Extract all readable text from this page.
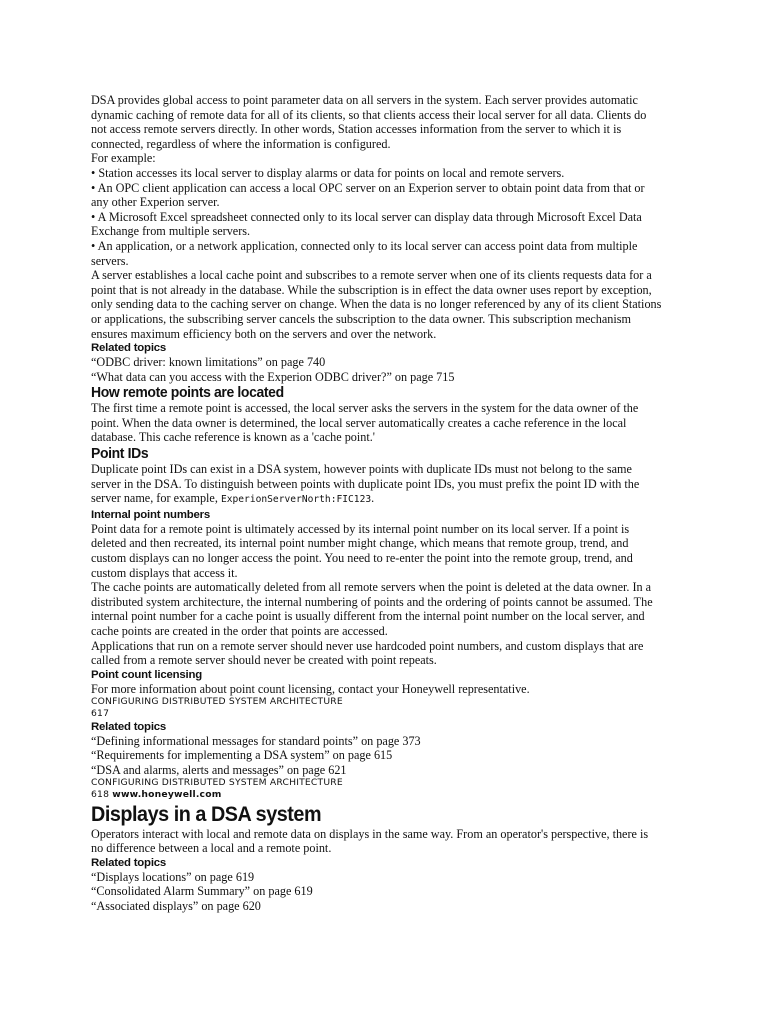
DSA provides global access to point parameter data on all servers in the system. Each server provides automatic dynamic caching of remote data for all of its clients, so that clients access their local server for all data. Clients do not access remote servers directly. In other words, Station accesses information from the server to which it is connected, regardless of where the information is configured.

For example:

• Station accesses its local server to display alarms or data for points on local and remote servers.

• An OPC client application can access a local OPC server on an Experion server to obtain point data from that or any other Experion server.

• A Microsoft Excel spreadsheet connected only to its local server can display data through Microsoft Excel Data Exchange from multiple servers.

• An application, or a network application, connected only to its local server can access point data from multiple servers.

A server establishes a local cache point and subscribes to a remote server when one of its clients requests data for a point that is not already in the database. While the subscription is in effect the data owner uses report by exception, only sending data to the caching server on change. When the data is no longer referenced by any of its client Stations or applications, the subscribing server cancels the subscription to the data owner. This subscription mechanism ensures maximum efficiency both on the servers and over the network.

Related topics

“ODBC driver: known limitations” on page 740

“What data can you access with the Experion ODBC driver?” on page 715

How remote points are located

The first time a remote point is accessed, the local server asks the servers in the system for the data owner of the point. When the data owner is determined, the local server automatically creates a cache reference in the local database. This cache reference is known as a 'cache point.'

Point IDs

Duplicate point IDs can exist in a DSA system, however points with duplicate IDs must not belong to the same server in the DSA. To distinguish between points with duplicate point IDs, you must prefix the point ID with the server name, for example, ExperionServerNorth:FIC123.

Internal point numbers

Point data for a remote point is ultimately accessed by its internal point number on its local server. If a point is deleted and then recreated, its internal point number might change, which means that remote group, trend, and custom displays can no longer access the point. You need to re-enter the point into the remote group, trend, and custom displays that access it.

The cache points are automatically deleted from all remote servers when the point is deleted at the data owner. In a distributed system architecture, the internal numbering of points and the ordering of points cannot be assumed. The internal point number for a cache point is usually different from the internal point number on the local server, and cache points are created in the order that points are accessed.

Applications that run on a remote server should never use hardcoded point numbers, and custom displays that are called from a remote server should never be created with point repeats.

Point count licensing

For more information about point count licensing, contact your Honeywell representative.

CONFIGURING DISTRIBUTED SYSTEM ARCHITECTURE

617

Related topics

“Defining informational messages for standard points” on page 373

“Requirements for implementing a DSA system” on page 615

“DSA and alarms, alerts and messages” on page 621

CONFIGURING DISTRIBUTED SYSTEM ARCHITECTURE

618 www.honeywell.com

Displays in a DSA system

Operators interact with local and remote data on displays in the same way. From an operator's perspective, there is no difference between a local and a remote point.

Related topics

“Displays locations” on page 619

“Consolidated Alarm Summary” on page 619

“Associated displays” on page 620
